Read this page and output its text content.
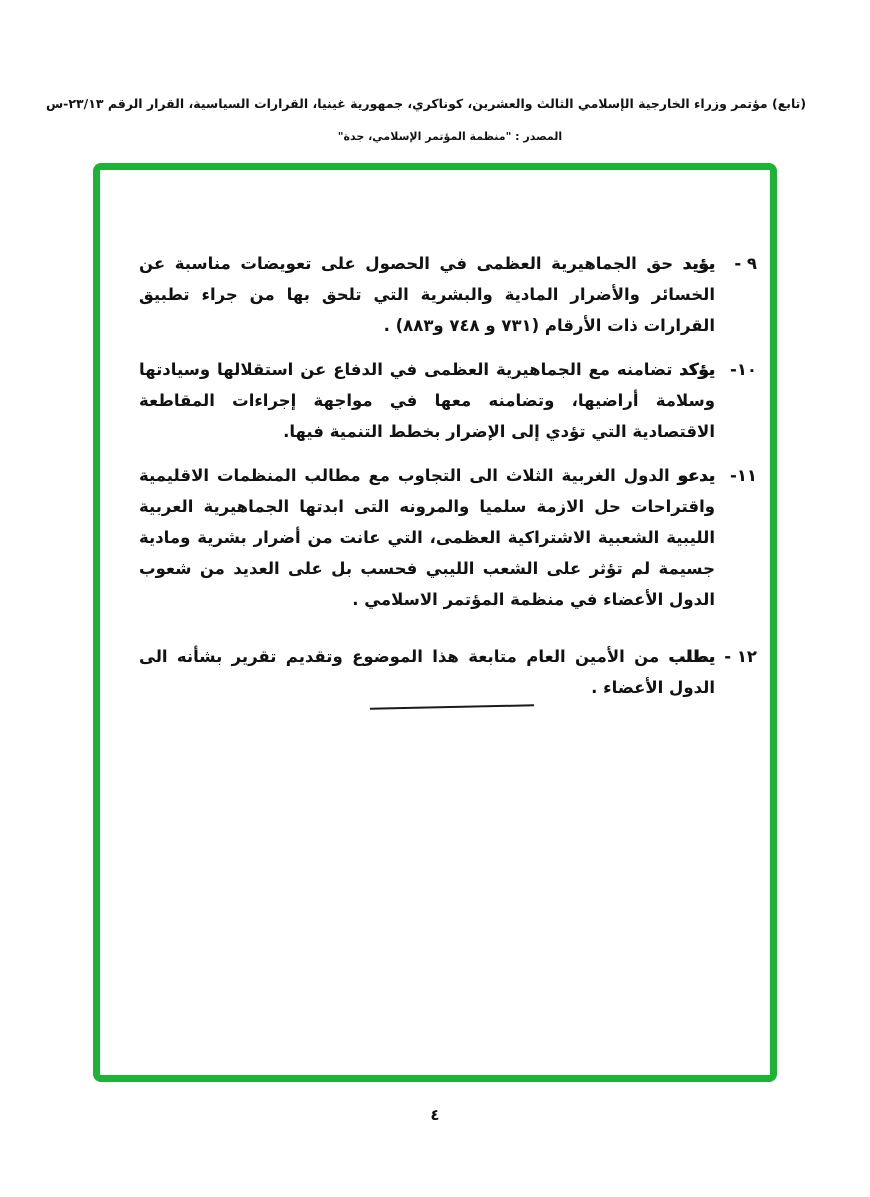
(تابع) مؤتمر وزراء الخارجية الإسلامي الثالث والعشرين، كوناكري، جمهورية غينيا، القرارات السياسية، القرار الرقم ٢٣/١٣-س
المصدر : "منظمة المؤتمر الإسلامي، جدة"
٩ -
يؤيد حق الجماهيرية العظمى في الحصول على تعويضات مناسبة عن الخسائر والأضرار المادية والبشرية التي تلحق بها من جراء تطبيق القرارات ذات الأرقام (٧٣١ و ٧٤٨ و٨٨٣) .
١٠-
يؤكد تضامنه مع الجماهيرية العظمى في الدفاع عن استقلالها وسيادتها وسلامة أراضيها، وتضامنه معها في مواجهة إجراءات المقاطعة الاقتصادية التي تؤدي إلى الإضرار بخطط التنمية فيها.
١١-
يدعو الدول الغربية الثلاث الى التجاوب مع مطالب المنظمات الاقليمية واقتراحات حل الازمة سلميا والمرونه التى ابدتها الجماهيرية العربية الليبية الشعبية الاشتراكية العظمى، التي عانت من أضرار بشرية ومادية جسيمة لم تؤثر على الشعب الليبي فحسب بل على العديد من شعوب الدول الأعضاء في منظمة المؤتمر الاسلامي .
١٢ -
يطلب من الأمين العام متابعة هذا الموضوع وتقديم تقرير بشأنه الى الدول الأعضاء .
٤
